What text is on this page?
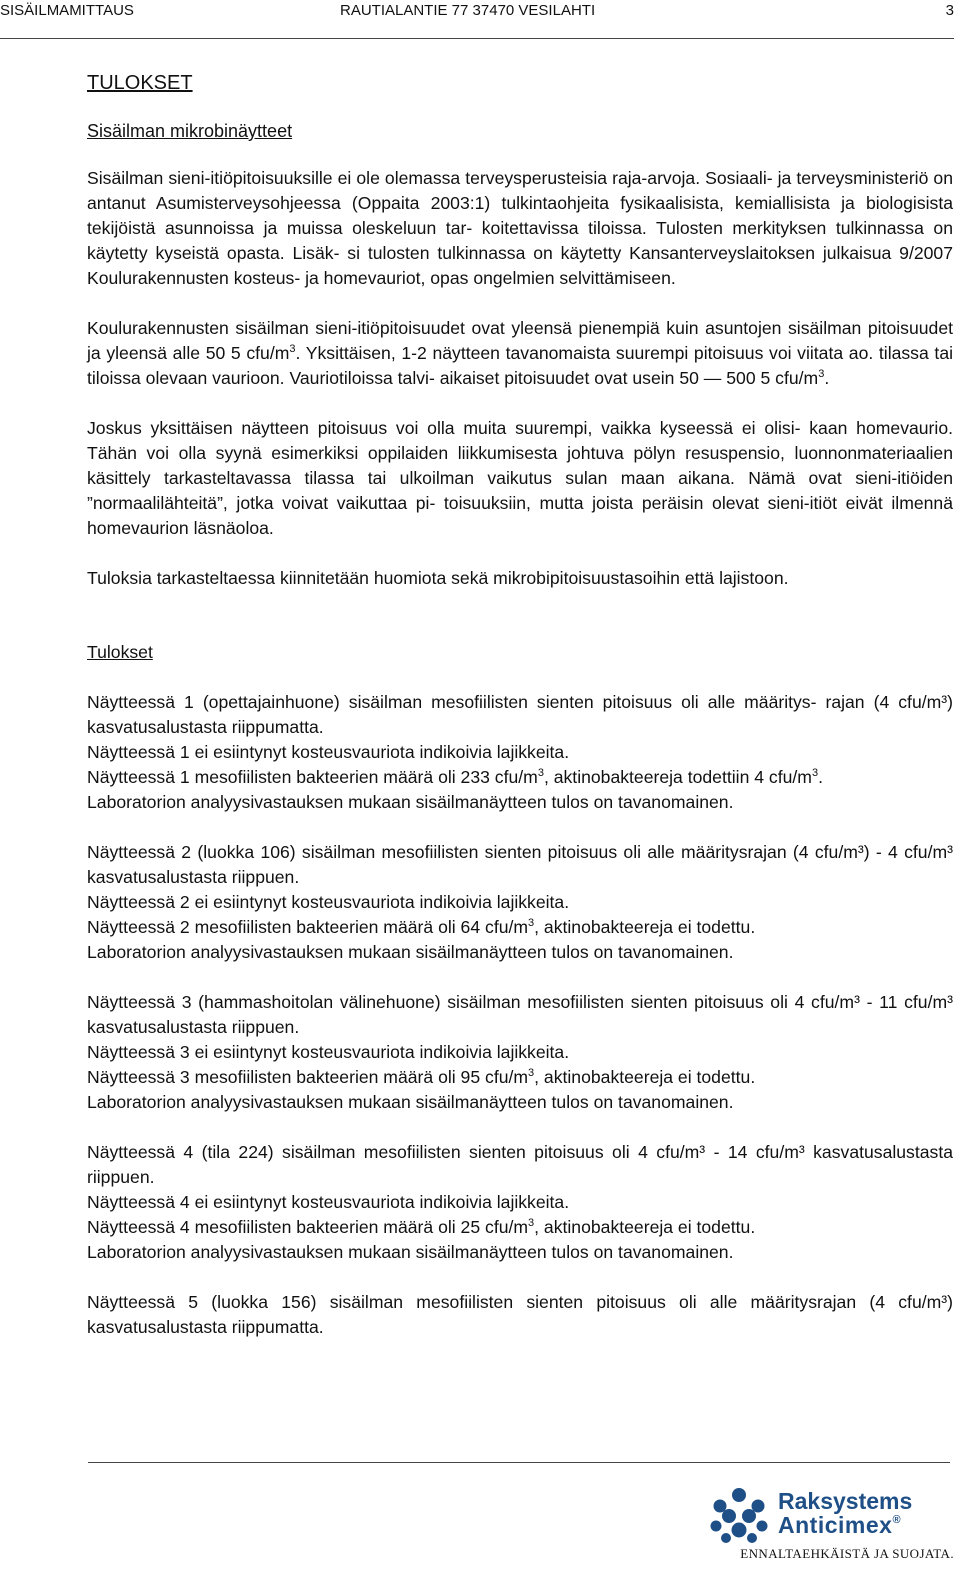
SISÄILMAMITTAUS	RAUTIALANTIE 77 37470 VESILAHTI	3

TULOKSET

Sisäilman mikrobinäytteet

Sisäilman sieni-itiöpitoisuuksille ei ole olemassa terveysperusteisia raja-arvoja. Sosiaali- ja terveysministeriö on antanut Asumisterveysohjeessa (Oppaita 2003:1) tulkintaohjeita fysikaalisista, kemiallisista ja biologisista tekijöistä asunnoissa ja muissa oleskeluun tar- koitettavissa tiloissa. Tulosten merkityksen tulkinnassa on käytetty kyseistä opasta. Lisäk- si tulosten tulkinnassa on käytetty Kansanterveyslaitoksen julkaisua 9/2007 Koulurakennusten kosteus- ja homevauriot, opas ongelmien selvittämiseen.

Koulurakennusten sisäilman sieni-itiöpitoisuudet ovat yleensä pienempiä kuin asuntojen sisäilman pitoisuudet ja yleensä alle 50 5 cfu/$m^3$. Yksittäisen, 1-2 näytteen tavanomaista suurempi pitoisuus voi viitata ao. tilassa tai tiloissa olevaan vaurioon. Vauriotiloissa talvi- aikaiset pitoisuudet ovat usein 50 — 500 5 cfu/$m^3$.

Joskus yksittäisen näytteen pitoisuus voi olla muita suurempi, vaikka kyseessä ei olisi- kaan homevaurio. Tähän voi olla syynä esimerkiksi oppilaiden liikkumisesta johtuva pölyn resuspensio, luonnonmateriaalien käsittely tarkasteltavassa tilassa tai ulkoilman vaikutus sulan maan aikana. Nämä ovat sieni-itiöiden ”normaalilähteitä”, jotka voivat vaikuttaa pi- toisuuksiin, mutta joista peräisin olevat sieni-itiöt eivät ilmennä homevaurion läsnäoloa.

Tuloksia tarkasteltaessa kiinnitetään huomiota sekä mikrobipitoisuustasoihin että lajistoon.

Tulokset

Näytteessä 1 (opettajainhuone) sisäilman mesofiilisten sienten pitoisuus oli alle määritys- rajan (4 cfu/m³) kasvatusalustasta riippumatta.

Näytteessä 1 ei esiintynyt kosteusvauriota indikoivia lajikkeita.

Näytteessä 1 mesofiilisten bakteerien määrä oli 233 cfu/$m^3$, aktinobakteereja todettiin 4 cfu/$m^3$.

Laboratorion analyysivastauksen mukaan sisäilmanäytteen tulos on tavanomainen.

Näytteessä 2 (luokka 106) sisäilman mesofiilisten sienten pitoisuus oli alle määritysrajan (4 cfu/m³) - 4 cfu/m³ kasvatusalustasta riippuen.

Näytteessä 2 ei esiintynyt kosteusvauriota indikoivia lajikkeita.

Näytteessä 2 mesofiilisten bakteerien määrä oli 64 cfu/$m^3$, aktinobakteereja ei todettu.

Laboratorion analyysivastauksen mukaan sisäilmanäytteen tulos on tavanomainen.

Näytteessä 3 (hammashoitolan välinehuone) sisäilman mesofiilisten sienten pitoisuus oli 4 cfu/m³ - 11 cfu/m³ kasvatusalustasta riippuen.

Näytteessä 3 ei esiintynyt kosteusvauriota indikoivia lajikkeita.

Näytteessä 3 mesofiilisten bakteerien määrä oli 95 cfu/$m^3$, aktinobakteereja ei todettu.

Laboratorion analyysivastauksen mukaan sisäilmanäytteen tulos on tavanomainen.

Näytteessä 4 (tila 224) sisäilman mesofiilisten sienten pitoisuus oli 4 cfu/m³ - 14 cfu/m³ kasvatusalustasta riippuen.

Näytteessä 4 ei esiintynyt kosteusvauriota indikoivia lajikkeita.

Näytteessä 4 mesofiilisten bakteerien määrä oli 25 cfu/$m^3$, aktinobakteereja ei todettu.

Laboratorion analyysivastauksen mukaan sisäilmanäytteen tulos on tavanomainen.

Näytteessä 5 (luokka 156) sisäilman mesofiilisten sienten pitoisuus oli alle määritysrajan (4 cfu/m³) kasvatusalustasta riippumatta.

Raksystems
Anticimex®
ENNALTAEHKÄISTÄ JA SUOJATA.
